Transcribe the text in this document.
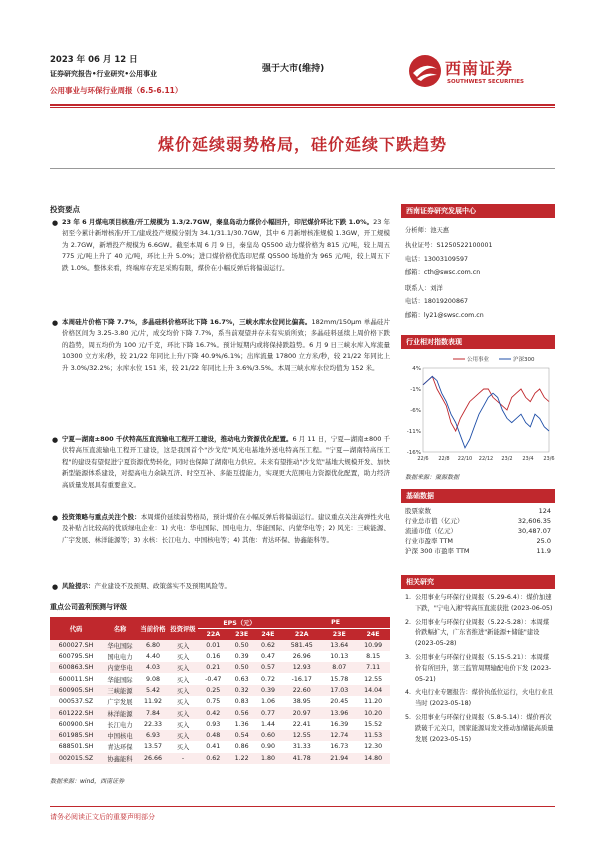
2023 年 06 月 12 日
证券研究报告•行业研究•公用事业
公用事业与环保行业周报（6.5-6.11）
强于大市(维持)	西南证券
SOUTHWEST SECURITIES
煤价延续弱势格局，硅价延续下跌趋势
投资要点
● 23 年 6 月煤电项目核准/开工规模为 1.3/2.7GW，秦皇岛动力煤价小幅回升，印尼煤价环比下跌 1.0%。23 年初至今累计新增核准/开工/建成投产规模分别为 34.1/31.1/30.7GW，其中 6 月新增核准规模 1.3GW，开工规模为 2.7GW，新增投产规模为 6.6GW。截至本周 6 月 9 日，秦皇岛 Q5500 动力煤价格为 815 元/吨，较上周五 775 元/吨上升了 40 元/吨，环比上升 5.0%；进口煤价格优选印尼煤 Q5500 场地价为 965 元/吨，较上周五下跌 1.0%。整体来看，终端库存充足采购有限，煤价在小幅反弹后将偏弱运行。
● 本周硅片价格下降 7.7%，多晶硅料价格环比下降 16.7%，三峡水库水位同比偏高。182mm/150μm 单晶硅片价格区间为 3.25-3.80 元/片，成交均价下降 7.7%，系当前观望并存未有实质所致；多晶硅料延续上周价格下跌的趋势，周五均价为 100 元/千克，环比下降 16.7%。预计短期内或将保持跌趋势。6 月 9 日三峡水库入库流量 10300 立方米/秒，较 21/22 年同比上升/下降 40.9%/6.1%；出库流量 17800 立方米/秒，较 21/22 年同比上升 3.0%/32.2%；水库水位 151 米，较 21/22 年同比上升 3.6%/3.5%。本周三峡水库水位均值为 152 米。
● 宁夏—湖南±800 千伏特高压直流输电工程开工建设，推动电力资源优化配置。6 月 11 日，宁夏—湖南±800 千伏特高压直流输电工程开工建设，这是我国首个"沙戈荒"风光电基地外送电特高压工程。"宁夏—湖南特高压工程"的建设有望促进宁夏资源优势转化，同时也保障了湖南电力供应。未来有望推动"沙戈荒"基地大规模开发、加快新型能源体系建设，对提高电力余缺互济、时空互补、多能互提能力，实现更大范围电力资源优化配置，助力经济高质量发展具有重要意义。
● 投资策略与重点关注个股：本周煤价延续弱势格局，预计煤价在小幅反弹后将偏弱运行。建议重点关注高弹性火电及补贴占比较高的优质绿电企业：1) 火电：华电国际、国电电力、华能国际、内蒙华电等；2) 风光：三峡能源、广宇发展、林洋能源等；3) 水核：长江电力、中国核电等；4) 其他：青达环保、协鑫能科等。
● 风险提示：产业建设不及预期、政策落实不及预期风险等。
重点公司盈利预测与评级
代码	名称	当前价格	投资评级	EPS（元）			PE		
				22A	23E	24E	22A	23E	24E
600027.SH	华电国际	6.80	买入	0.01	0.50	0.62	581.45	13.64	10.99
600795.SH	国电电力	4.40	买入	0.16	0.39	0.47	26.96	10.13	8.15
600863.SH	内蒙华电	4.03	买入	0.21	0.50	0.57	12.93	8.07	7.11
600011.SH	华能国际	9.08	买入	-0.47	0.63	0.72	-16.17	15.78	12.55
600905.SH	三峡能源	5.42	买入	0.25	0.32	0.39	22.60	17.03	14.04
000537.SZ	广宇发展	11.92	买入	0.75	0.83	1.06	38.95	20.45	11.20
601222.SH	林洋能源	7.84	买入	0.42	0.56	0.77	20.97	13.96	10.20
600900.SH	长江电力	22.33	买入	0.93	1.36	1.44	22.41	16.39	15.52
601985.SH	中国核电	6.93	买入	0.48	0.54	0.60	12.55	12.74	11.53
688501.SH	青达环保	13.57	买入	0.41	0.86	0.90	31.33	16.73	12.30
002015.SZ	协鑫能科	26.66	-	0.62	1.22	1.80	41.78	21.94	14.80
数据来源：wind，西南证券
西南证券研究发展中心
分析师：池天惠
执业证号：S1250522100001
电话：13003109597
邮箱：cth@swsc.com.cn
联系人：刘洋
电话：18019200867
邮箱：ly21@swsc.com.cn
行业相对指数表现
4%
-1%
-6%
-11%
-16%
22/6 22/8 22/10 22/12 23/2 23/4 23/6
公用事业	沪深300
数据来源：聚源数据
基础数据
股票家数	124
行业总市值（亿元）	32,606.35
流通市值（亿元）	30,487.07
行业市盈率 TTM	25.0
沪深 300 市盈率 TTM	11.9
相关研究
1. 公用事业与环保行业周报（5.29-6.4）：煤价加速下跌，"宁电入湘"特高压直流获批 (2023-06-05)
2. 公用事业与环保行业周报（5.22-5.28）：本周煤价跌幅扩大，广东省推进"新能源+储能"建设 (2023-05-28)
3. 公用事业与环保行业周报（5.15-5.21）：本周煤价有所回升，第三监管周期输配电价下发 (2023-05-21)
4. 火电行业专题报告：煤价执低位运行，火电行业且当时 (2023-05-18)
5. 公用事业与环保行业周报（5.8-5.14）：煤价再次跌破千元关口，国家能源局发文推动加储能高质量发展 (2023-05-15)
请务必阅读正文后的重要声明部分
